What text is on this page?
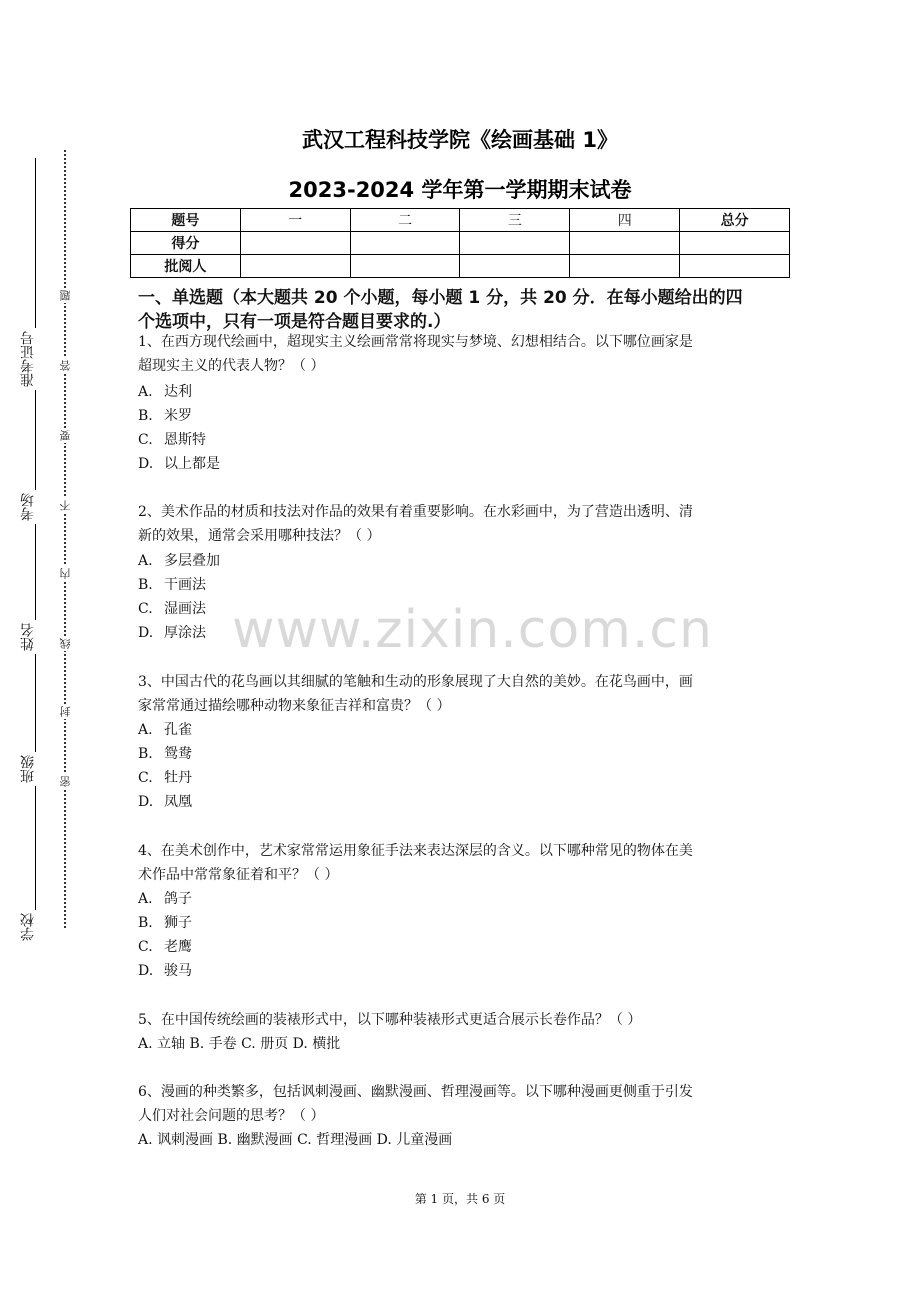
准考证号
考场
姓名
班级
学校
题
答
要
不
内
线
封
密
武汉工程科技学院《绘画基础 1》
2023-2024 学年第一学期期末试卷
题号	一	二	三	四	总分
得分					
批阅人					
一、单选题（本大题共 20 个小题，每小题 1 分，共 20 分．在每小题给出的四
个选项中，只有一项是符合题目要求的.）
1、在西方现代绘画中，超现实主义绘画常常将现实与梦境、幻想相结合。以下哪位画家是
超现实主义的代表人物？（ ）
A. 达利
B. 米罗
C. 恩斯特
D. 以上都是
2、美术作品的材质和技法对作品的效果有着重要影响。在水彩画中，为了营造出透明、清
新的效果，通常会采用哪种技法？（ ）
A. 多层叠加
B. 干画法
C. 湿画法
D. 厚涂法 www.zixin.com.cn
3、中国古代的花鸟画以其细腻的笔触和生动的形象展现了大自然的美妙。在花鸟画中，画
家常常通过描绘哪种动物来象征吉祥和富贵？（ ）
A. 孔雀
B. 鸳鸯
C. 牡丹
D. 凤凰
4、在美术创作中，艺术家常常运用象征手法来表达深层的含义。以下哪种常见的物体在美
术作品中常常象征着和平？（ ）
A. 鸽子
B. 狮子
C. 老鹰
D. 骏马
5、在中国传统绘画的装裱形式中，以下哪种装裱形式更适合展示长卷作品？（ ）
A. 立轴 B. 手卷 C. 册页 D. 横批
6、漫画的种类繁多，包括讽刺漫画、幽默漫画、哲理漫画等。以下哪种漫画更侧重于引发
人们对社会问题的思考？（ ）
A. 讽刺漫画 B. 幽默漫画 C. 哲理漫画 D. 儿童漫画
第 1 页，共 6 页
